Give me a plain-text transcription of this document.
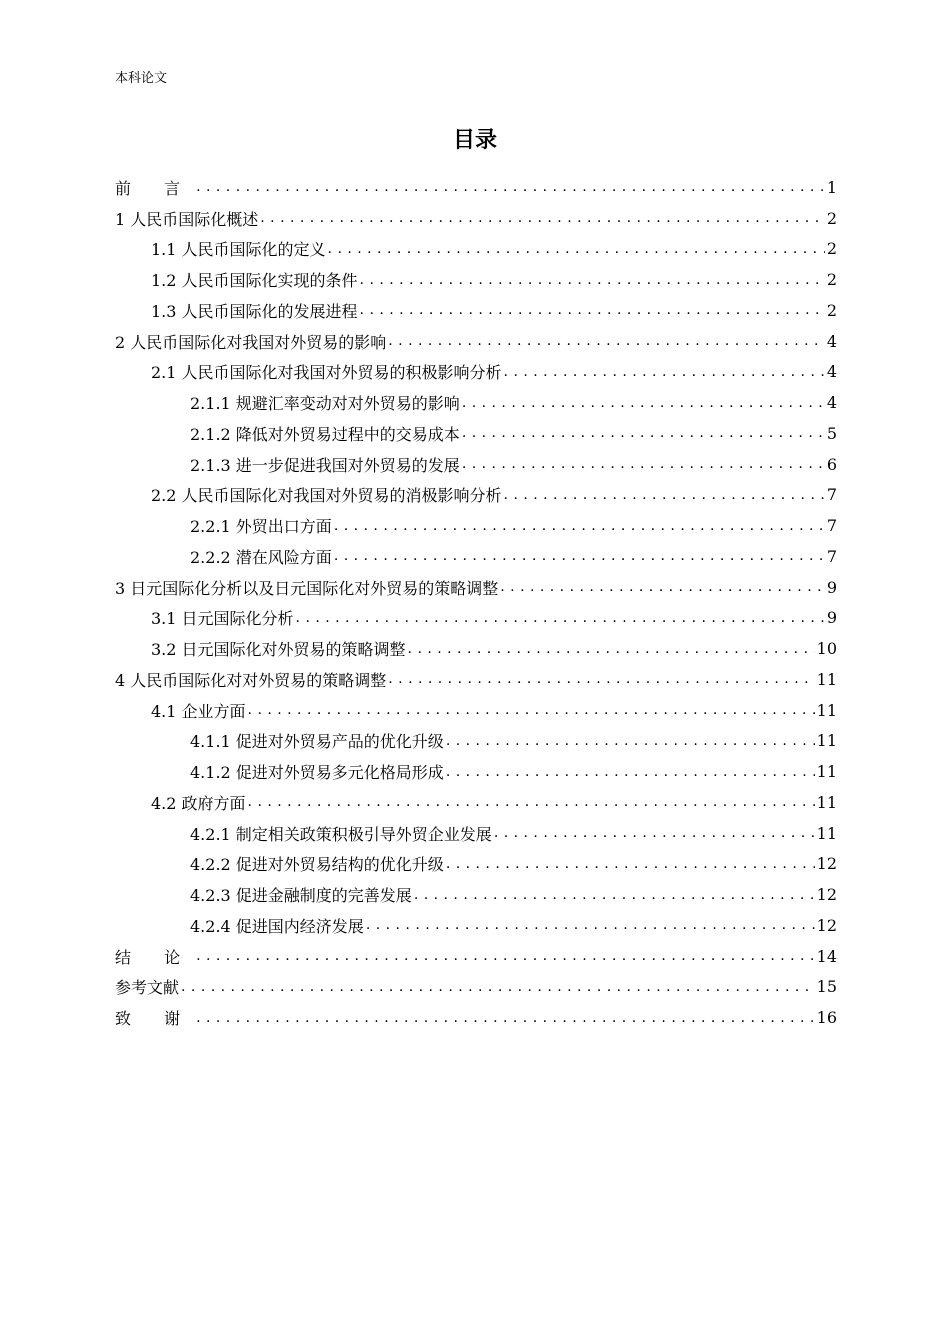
本科论文
目录
前 言 . . .	1
1 人民币国际化概述 . . .	2
1.1 人民币国际化的定义 . . .	2
1.2 人民币国际化实现的条件 . . .	2
1.3 人民币国际化的发展进程 . . .	2
2 人民币国际化对我国对外贸易的影响 . . .	4
2.1 人民币国际化对我国对外贸易的积极影响分析 . . .	4
2.1.1 规避汇率变动对对外贸易的影响 . . .	4
2.1.2 降低对外贸易过程中的交易成本 . . .	5
2.1.3 进一步促进我国对外贸易的发展 . . .	6
2.2 人民币国际化对我国对外贸易的消极影响分析 . . .	7
2.2.1 外贸出口方面 . . .	7
2.2.2 潜在风险方面 . . .	7
3 日元国际化分析以及日元国际化对外贸易的策略调整 . . .	9
3.1 日元国际化分析 . . .	9
3.2 日元国际化对外贸易的策略调整 . . .	10
4 人民币国际化对对外贸易的策略调整 . . .	11
4.1 企业方面 . . .	11
4.1.1 促进对外贸易产品的优化升级 . . .	11
4.1.2 促进对外贸易多元化格局形成 . . .	11
4.2 政府方面 . . .	11
4.2.1 制定相关政策积极引导外贸企业发展 . . .	11
4.2.2 促进对外贸易结构的优化升级 . . .	12
4.2.3 促进金融制度的完善发展 . . .	12
4.2.4 促进国内经济发展 . . .	12
结 论 . . .	14
参考文献 . . .	15
致 谢 . . .	16
